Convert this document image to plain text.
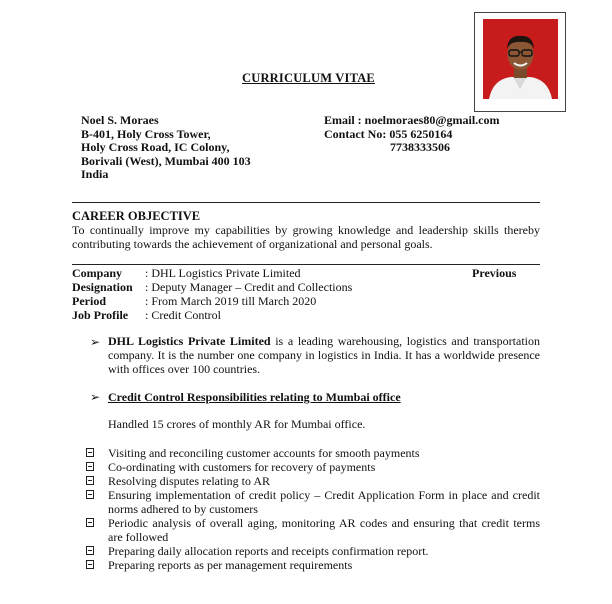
CURRICULUM VITAE
Noel S. Moraes
B-401, Holy Cross Tower,
Holy Cross Road, IC Colony,
Borivali (West), Mumbai 400 103
India
Email : noelmoraes80@gmail.com
Contact No: 055 6250164
7738333506
CAREER OBJECTIVE
To continually improve my capabilities by growing knowledge and leadership skills thereby contributing towards the achievement of organizational and personal goals.
Company	: DHL Logistics Private Limited
Designation	: Deputy Manager – Credit and Collections
Period	: From March 2019 till March 2020
Job Profile	: Credit Control
Previous
➢ DHL Logistics Private Limited is a leading warehousing, logistics and transportation company. It is the number one company in logistics in India. It has a worldwide presence with offices over 100 countries.
➢ Credit Control Responsibilities relating to Mumbai office
Handled 15 crores of monthly AR for Mumbai office.
Visiting and reconciling customer accounts for smooth payments
Co-ordinating with customers for recovery of payments
Resolving disputes relating to AR
Ensuring implementation of credit policy – Credit Application Form in place and credit norms adhered to by customers
Periodic analysis of overall aging, monitoring AR codes and ensuring that credit terms are followed
Preparing daily allocation reports and receipts confirmation report.
Preparing reports as per management requirements
